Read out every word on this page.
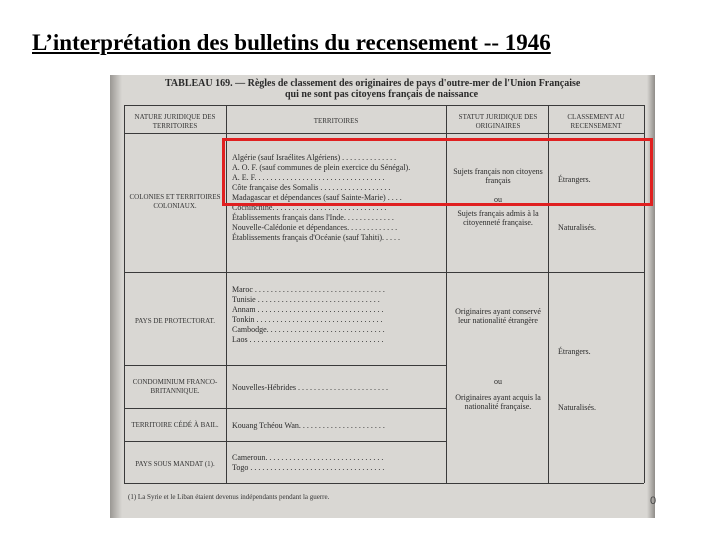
L’interprétation des bulletins du recensement -- 1946
TABLEAU 169. — Règles de classement des originaires de pays d'outre-mer de l'Union Française
qui ne sont pas citoyens français de naissance
NATURE JURIDIQUE DES TERRITOIRES
TERRITOIRES	STATUT JURIDIQUE DES ORIGINAIRES
CLASSEMENT AU RECENSEMENT
COLONIES ET TERRITOIRES COLONIAUX.
PAYS DE PROTECTORAT.
CONDOMINIUM FRANCO-BRITANNIQUE.
TERRITOIRE CÉDÉ À BAIL.
PAYS SOUS MANDAT (1).
Algérie (sauf Israélites Algériens) . . . . . . . . . . . . . .
A. O. F. (sauf communes de plein exercice du Sénégal).
A. E. F. . . . . . . . . . . . . . . . . . . . . . . . . . . . . . . . .
Côte française des Somalis . . . . . . . . . . . . . . . . . .
Madagascar et dépendances (sauf Sainte-Marie) . . . .
Cochinchine. . . . . . . . . . . . . . . . . . . . . . . . . . . . .
Établissements français dans l'Inde. . . . . . . . . . . . .
Nouvelle-Calédonie et dépendances. . . . . . . . . . . . .
Établissements français d'Océanie (sauf Tahiti). . . . .
Maroc . . . . . . . . . . . . . . . . . . . . . . . . . . . . . . . . .
Tunisie . . . . . . . . . . . . . . . . . . . . . . . . . . . . . . .
Annam . . . . . . . . . . . . . . . . . . . . . . . . . . . . . . . .
Tonkin . . . . . . . . . . . . . . . . . . . . . . . . . . . . . . . .
Cambodge. . . . . . . . . . . . . . . . . . . . . . . . . . . . . .
Laos . . . . . . . . . . . . . . . . . . . . . . . . . . . . . . . . . .
Nouvelles-Hébrides . . . . . . . . . . . . . . . . . . . . . . .
Kouang Tchéou Wan. . . . . . . . . . . . . . . . . . . . . .
Cameroun. . . . . . . . . . . . . . . . . . . . . . . . . . . . . .
Togo . . . . . . . . . . . . . . . . . . . . . . . . . . . . . . . . . .
Sujets français non citoyens français
ou
Sujets français admis à la citoyenneté française.
Originaires ayant conservé leur nationalité étrangère
ou
Originaires ayant acquis la nationalité française.
Étrangers.
Naturalisés.
Étrangers.
Naturalisés.
(1) La Syrie et le Liban étaient devenus indépendants pendant la guerre.	0
